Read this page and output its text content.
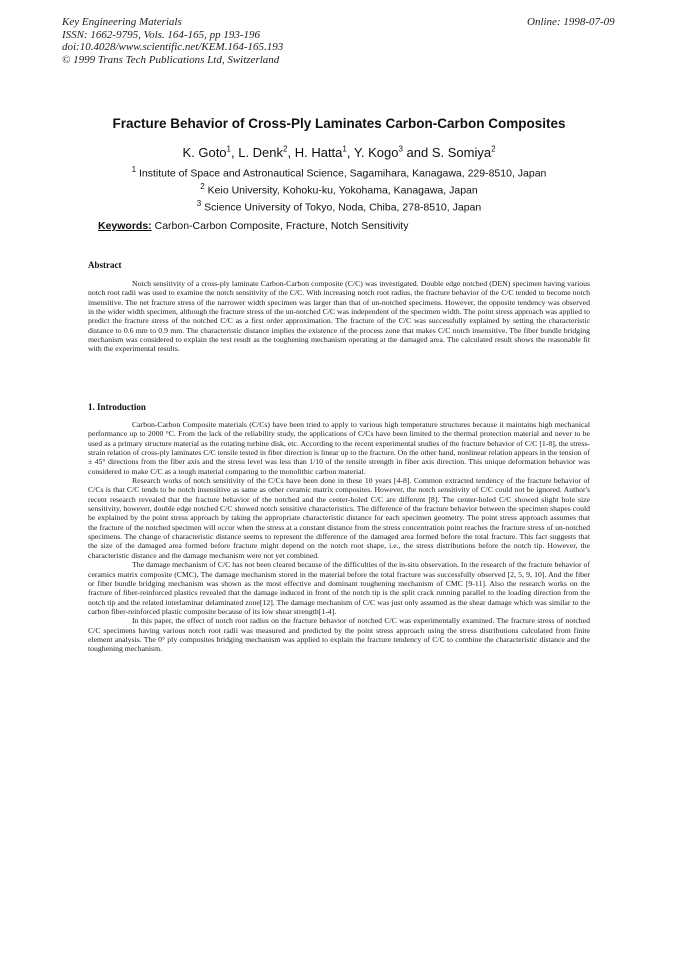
Key Engineering Materials
ISSN: 1662-9795, Vols. 164-165, pp 193-196
doi:10.4028/www.scientific.net/KEM.164-165.193
© 1999 Trans Tech Publications Ltd, Switzerland
Online: 1998-07-09
Fracture Behavior of Cross-Ply Laminates Carbon-Carbon Composites
K. Goto$^1$, L. Denk$^2$, H. Hatta$^1$, Y. Kogo$^3$ and S. Somiya$^2$
$^1$ Institute of Space and Astronautical Science, Sagamihara, Kanagawa, 229-8510, Japan
$^2$ Keio University, Kohoku-ku, Yokohama, Kanagawa, Japan
$^3$ Science University of Tokyo, Noda, Chiba, 278-8510, Japan
Keywords: Carbon-Carbon Composite, Fracture, Notch Sensitivity
Abstract

Notch sensitivity of a cross-ply laminate Carbon-Carbon composite (C/C) was investigated. Double edge notched (DEN) specimen having various notch root radii was used to examine the notch sensitivity of the C/C. With increasing notch root radius, the fracture behavior of the C/C tended to become notch insensitive. The net fracture stress of the narrower width specimen was larger than that of un-notched specimens. However, the opposite tendency was observed in the wider width specimen, although the fracture stress of the un-notched C/C was independent of the specimen width. The point stress approach was applied to predict the fracture stress of the notched C/C as a first order approximation. The fracture of the C/C was successfully explained by setting the characteristic distance to 0.6 mm to 0.9 mm. The characteristic distance implies the existence of the process zone that makes C/C notch insensitive. The fiber bundle bridging mechanism was considered to explain the test result as the toughening mechanism operating at the damaged area. The calculated result shows the reasonable fit with the experimental results.

1. Introduction

Carbon-Carbon Composite materials (C/Cs) have been tried to apply to various high temperature structures because it maintains high mechanical performance up to 2000 °C. From the lack of the reliability study, the applications of C/Cs have been limited to the thermal protection material and never to be used as a primary structure material as the rotating turbine disk, etc. According to the recent experimental studies of the fracture behavior of C/C [1-8], the stress-strain relation of cross-ply laminates C/C tensile tested in fiber direction is linear up to the fracture. On the other hand, nonlinear relation appears in the tension of ± 45° directions from the fiber axis and the stress level was less than 1/10 of the tensile strength in fiber axis direction. This unique deformation behavior was considered to make C/C as a tough material comparing to the monolithic carbon material.

Research works of notch sensitivity of the C/Cs have been done in these 10 years [4-8]. Common extracted tendency of the fracture behavior of C/Cs is that C/C tends to be notch insensitive as same as other ceramic matrix composites. However, the notch sensitivity of C/C could not be ignored. Author's recent research revealed that the fracture behavior of the notched and the center-holed C/C are different [8]. The center-holed C/C showed slight hole size sensitivity, however, double edge notched C/C showed notch sensitive characteristics. The difference of the fracture behavior between the specimen shapes could be explained by the point stress approach by taking the appropriate characteristic distance for each specimen geometry. The point stress approach assumes that the fracture of the notched specimen will occur when the stress at a constant distance from the stress concentration point reaches the fracture stress of un-notched specimens. The change of characteristic distance seems to represent the difference of the damaged area formed before the total fracture. This fact suggests that the size of the damaged area formed before fracture might depend on the notch root shape, i.e., the stress distributions before the notch tip. However, the characteristic distance and the damage mechanism were not yet combined.

The damage mechanism of C/C has not been cleared because of the difficulties of the in-situ observation. In the research of the fracture behavior of ceramics matrix composite (CMC), The damage mechanism stored in the material before the total fracture was successfully observed [2, 5, 9, 10]. And the fiber or fiber bundle bridging mechanism was shown as the most effective and dominant toughening mechanism of CMC [9-11]. Also the research works on the fracture of fiber-reinforced plastics revealed that the damage induced in front of the notch tip is the split crack running parallel to the loading direction from the notch tip and the related interlaminar delaminated zone[12]. The damage mechanism of C/C was just only assumed as the shear damage which was similar to the carbon fiber-reinforced plastic composite because of its low shear strength[1-4].

In this paper, the effect of notch root radius on the fracture behavior of notched C/C was experimentally examined. The fracture stress of notched C/C specimens having various notch root radii was measured and predicted by the point stress approach using the stress distributions calculated from finite element analysis. The 0° ply composites bridging mechanism was applied to explain the fracture tendency of C/C to combine the characteristic distance and the toughening mechanism.
